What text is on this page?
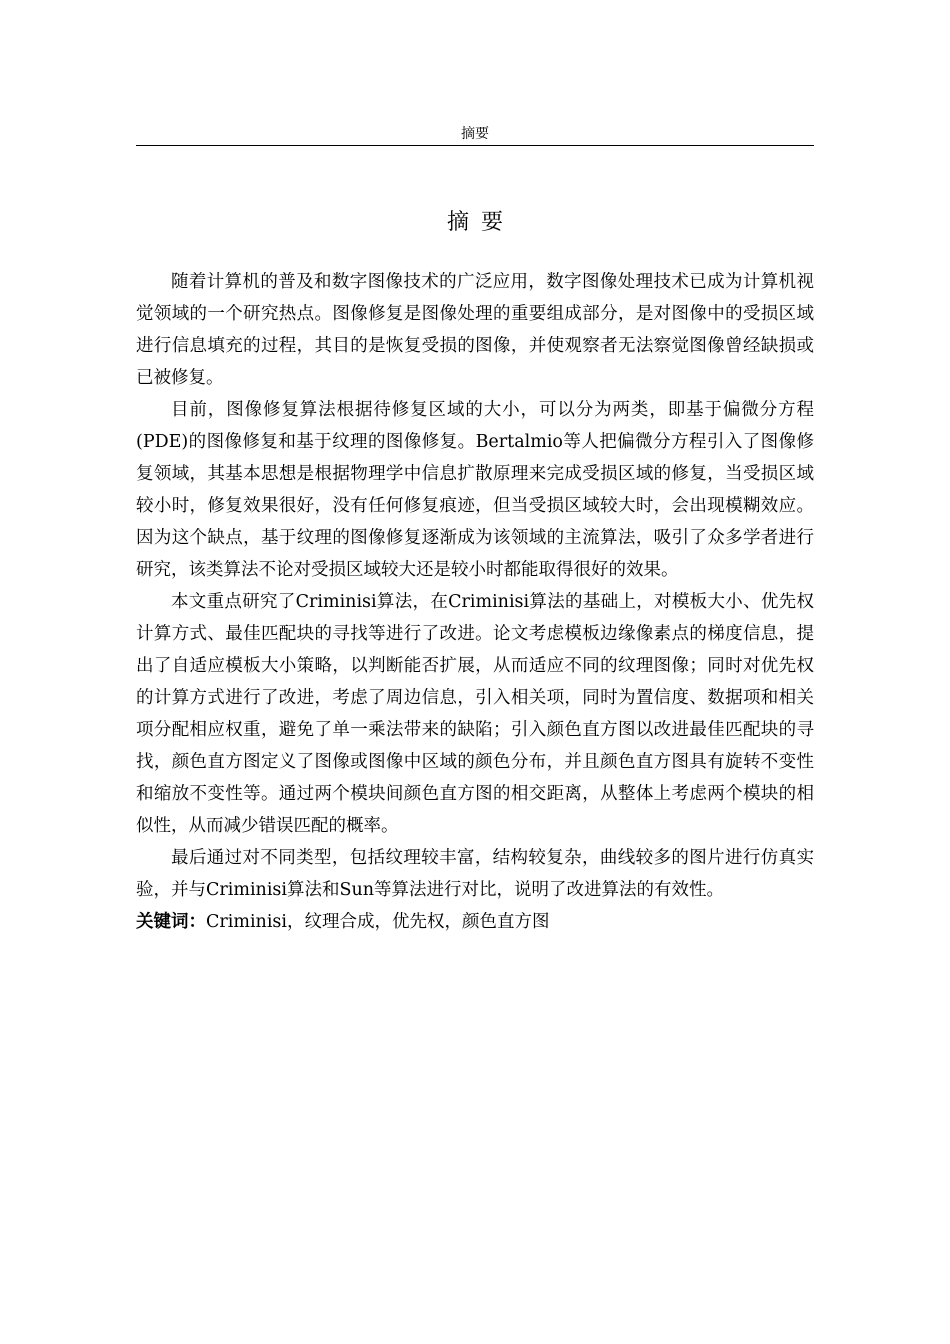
摘要
摘要

随着计算机的普及和数字图像技术的广泛应用，数字图像处理技术已成为计算机视觉领域的一个研究热点。图像修复是图像处理的重要组成部分，是对图像中的受损区域进行信息填充的过程，其目的是恢复受损的图像，并使观察者无法察觉图像曾经缺损或已被修复。

目前，图像修复算法根据待修复区域的大小，可以分为两类，即基于偏微分方程(PDE)的图像修复和基于纹理的图像修复。Bertalmio等人把偏微分方程引入了图像修复领域，其基本思想是根据物理学中信息扩散原理来完成受损区域的修复，当受损区域较小时，修复效果很好，没有任何修复痕迹，但当受损区域较大时，会出现模糊效应。因为这个缺点，基于纹理的图像修复逐渐成为该领域的主流算法，吸引了众多学者进行研究，该类算法不论对受损区域较大还是较小时都能取得很好的效果。

本文重点研究了Criminisi算法，在Criminisi算法的基础上，对模板大小、优先权计算方式、最佳匹配块的寻找等进行了改进。论文考虑模板边缘像素点的梯度信息，提出了自适应模板大小策略，以判断能否扩展，从而适应不同的纹理图像；同时对优先权的计算方式进行了改进，考虑了周边信息，引入相关项，同时为置信度、数据项和相关项分配相应权重，避免了单一乘法带来的缺陷；引入颜色直方图以改进最佳匹配块的寻找，颜色直方图定义了图像或图像中区域的颜色分布，并且颜色直方图具有旋转不变性和缩放不变性等。通过两个模块间颜色直方图的相交距离，从整体上考虑两个模块的相似性，从而减少错误匹配的概率。

最后通过对不同类型，包括纹理较丰富，结构较复杂，曲线较多的图片进行仿真实验，并与Criminisi算法和Sun等算法进行对比，说明了改进算法的有效性。

关键词：Criminisi，纹理合成，优先权，颜色直方图
